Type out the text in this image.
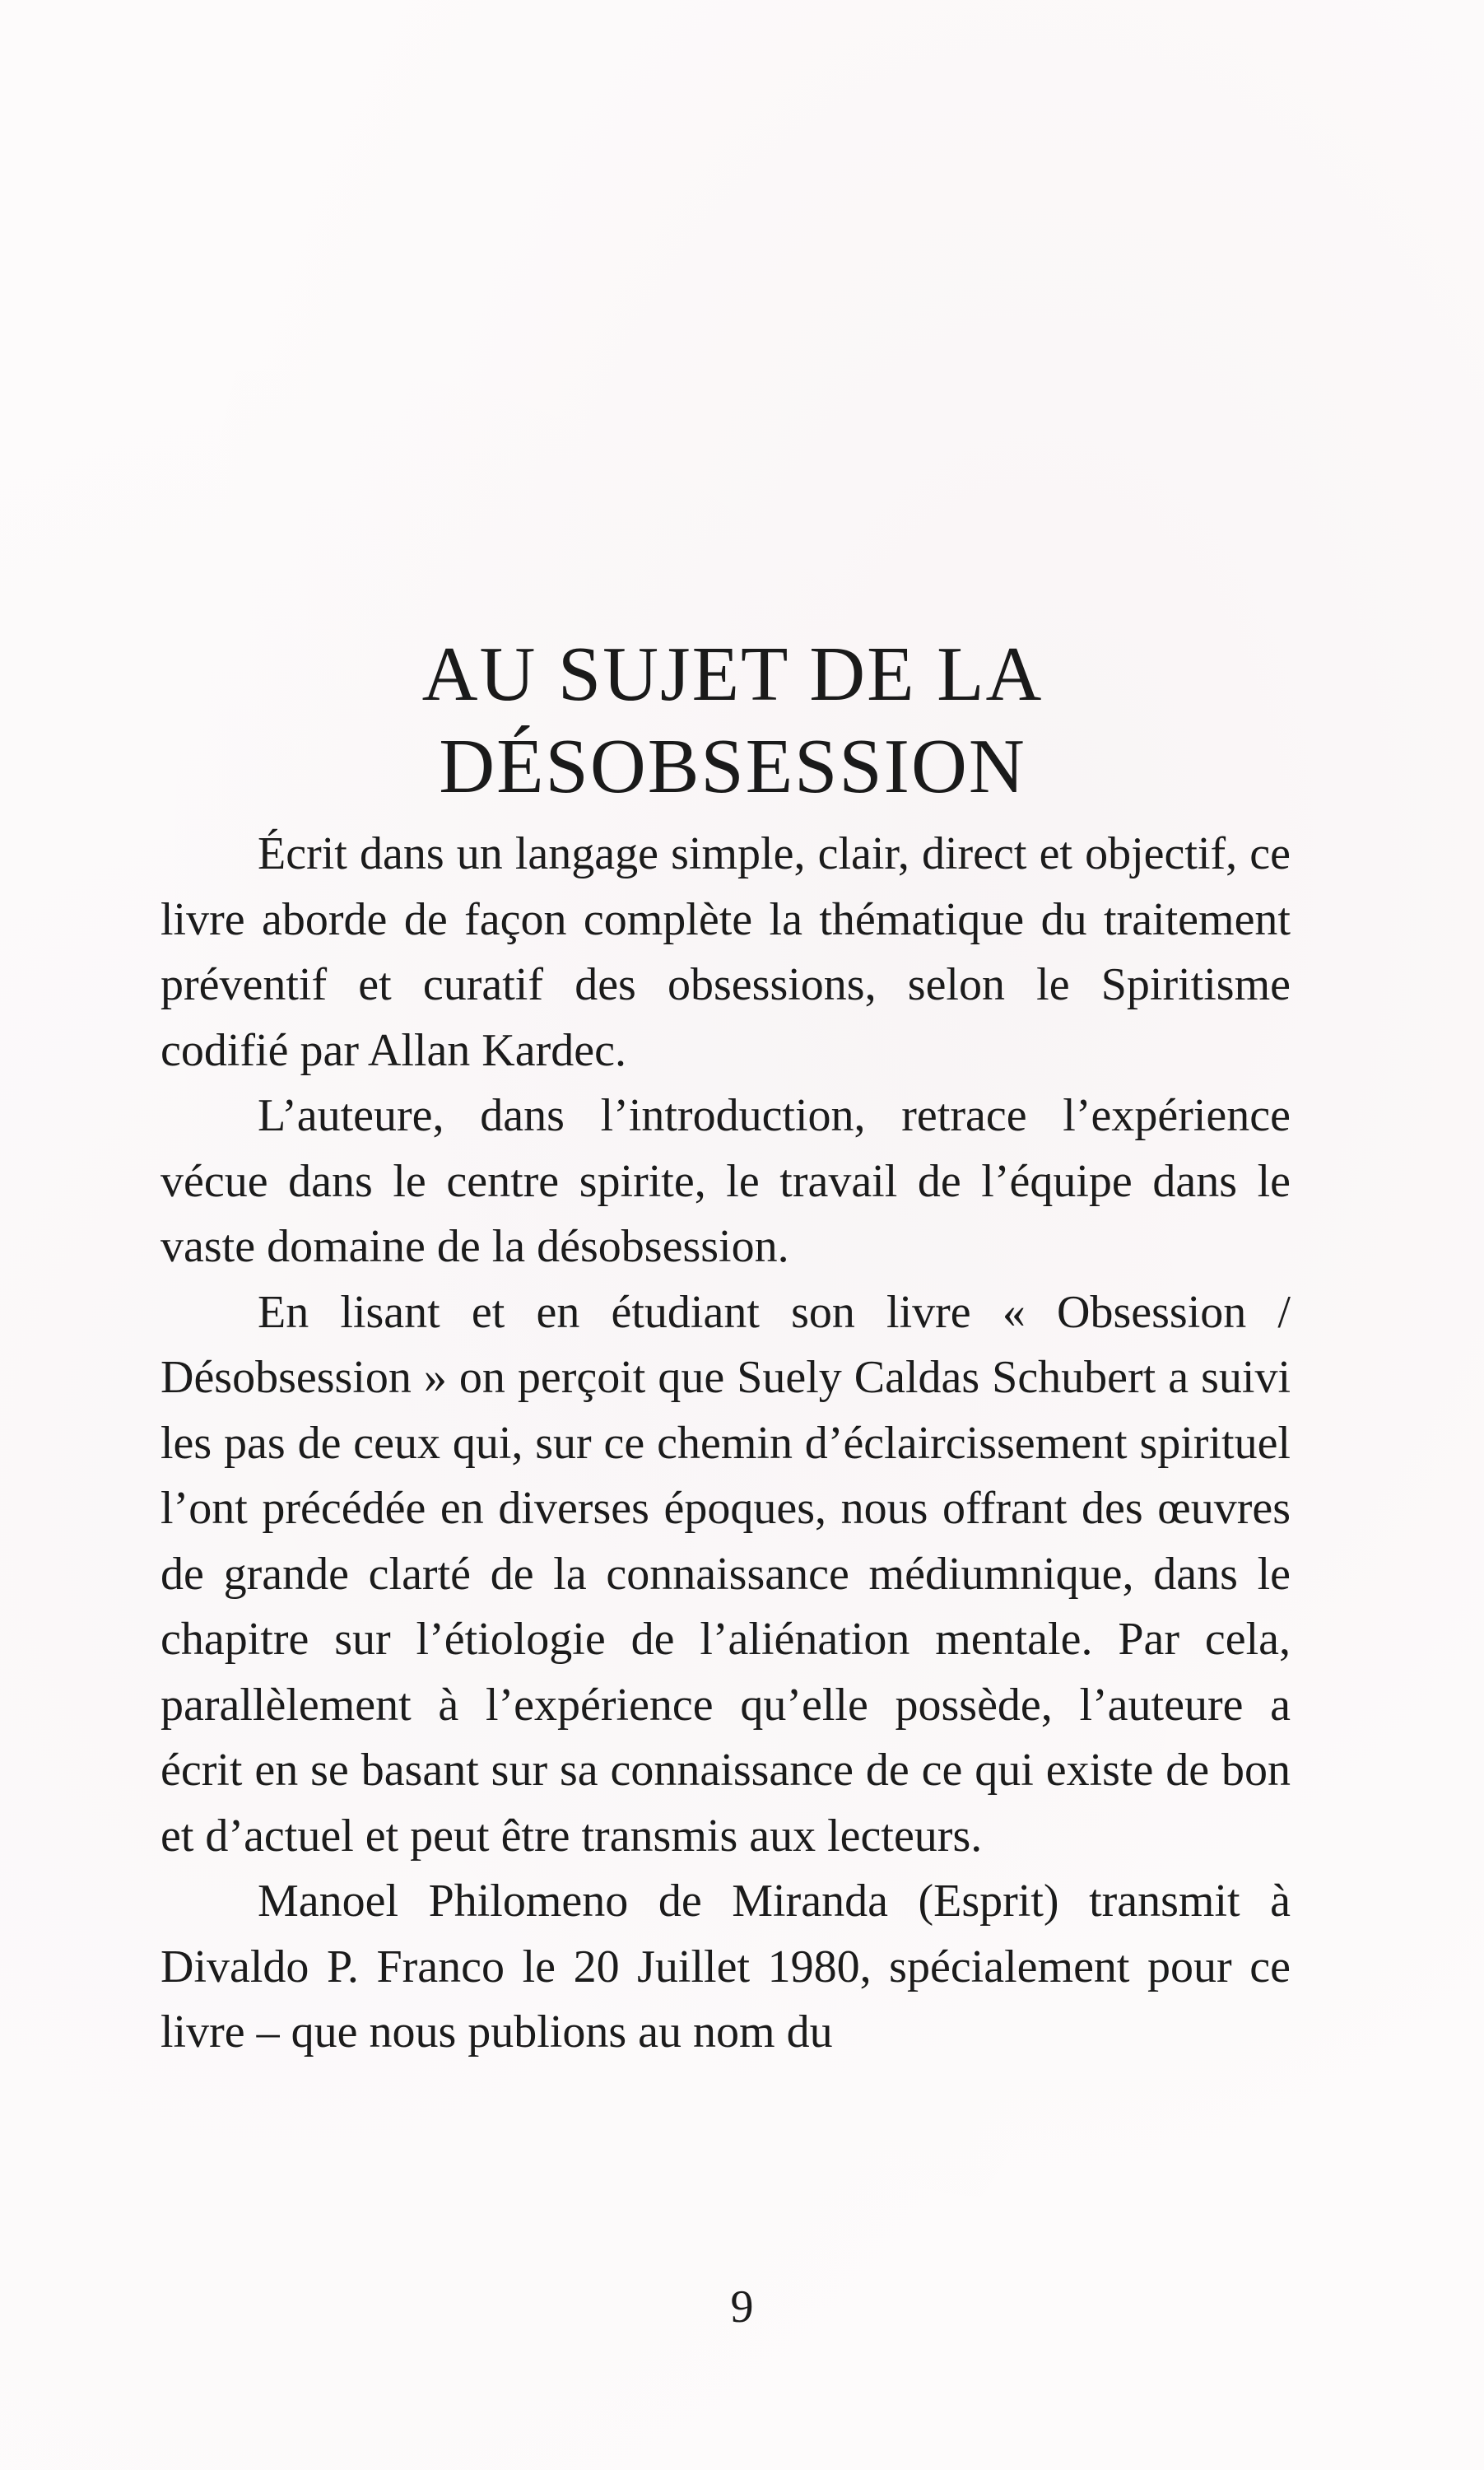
AU SUJET DE LA
DÉSOBSESSION

Écrit dans un langage simple, clair, direct et objectif, ce livre aborde de façon complète la thématique du traitement préventif et curatif des obsessions, selon le Spiritisme codifié par Allan Kardec.

L’auteure, dans l’introduction, retrace l’expérience vécue dans le centre spirite, le travail de l’équipe dans le vaste domaine de la désobsession.

En lisant et en étudiant son livre « Obsession / Désobsession » on perçoit que Suely Caldas Schubert a suivi les pas de ceux qui, sur ce chemin d’éclaircissement spirituel l’ont précédée en diverses époques, nous offrant des œuvres de grande clarté de la connaissance médiumnique, dans le chapitre sur l’étiologie de l’aliénation mentale. Par cela, parallèlement à l’expérience qu’elle possède, l’auteure a écrit en se basant sur sa connaissance de ce qui existe de bon et d’actuel et peut être transmis aux lecteurs.

Manoel Philomeno de Miranda (Esprit) transmit à Divaldo P. Franco le 20 Juillet 1980, spécialement pour ce livre – que nous publions au nom du

9
